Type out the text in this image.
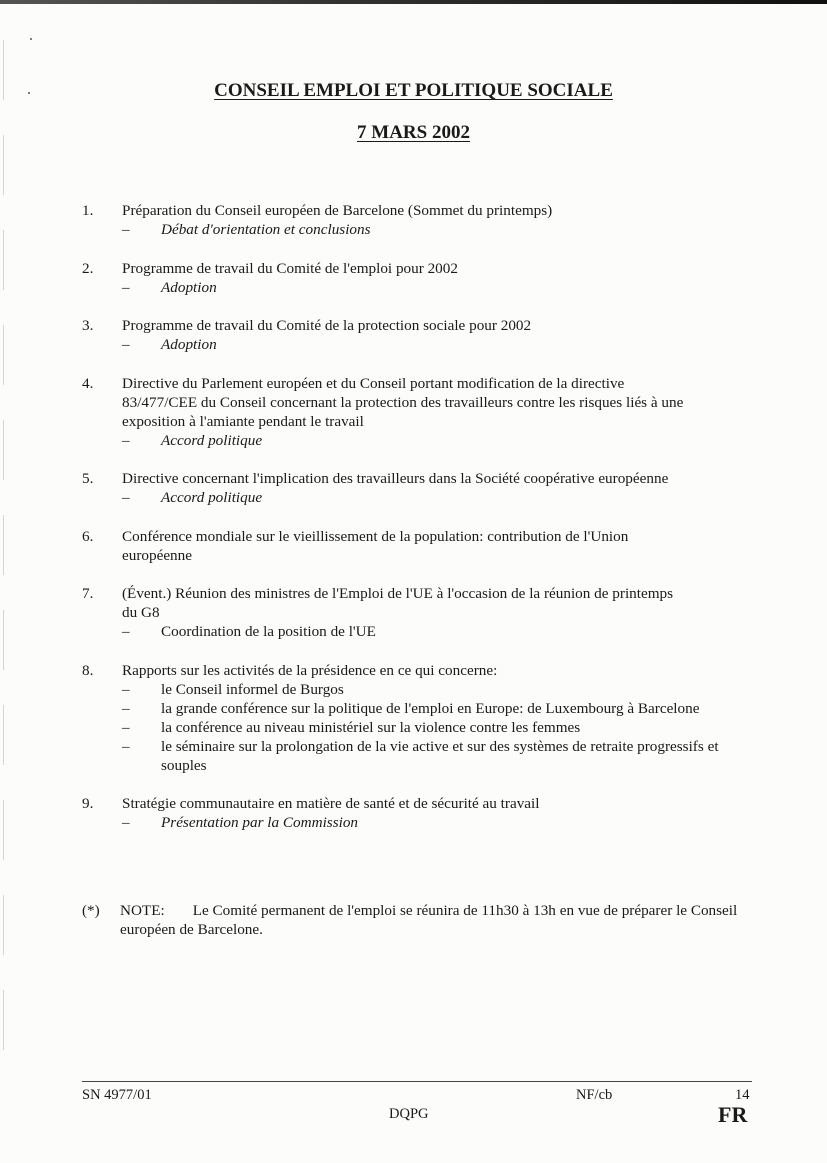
CONSEIL EMPLOI ET POLITIQUE SOCIALE
7 MARS 2002
1. Préparation du Conseil européen de Barcelone (Sommet du printemps)
– Débat d'orientation et conclusions
2. Programme de travail du Comité de l'emploi pour 2002
– Adoption
3. Programme de travail du Comité de la protection sociale pour 2002
– Adoption
4. Directive du Parlement européen et du Conseil portant modification de la directive
83/477/CEE du Conseil concernant la protection des travailleurs contre les risques liés à une
exposition à l'amiante pendant le travail
– Accord politique
5. Directive concernant l'implication des travailleurs dans la Société coopérative européenne
– Accord politique
6. Conférence mondiale sur le vieillissement de la population: contribution de l'Union
européenne
7. (Évent.) Réunion des ministres de l'Emploi de l'UE à l'occasion de la réunion de printemps
du G8
– Coordination de la position de l'UE
8. Rapports sur les activités de la présidence en ce qui concerne:
– le Conseil informel de Burgos
– la grande conférence sur la politique de l'emploi en Europe: de Luxembourg à Barcelone
– la conférence au niveau ministériel sur la violence contre les femmes
– le séminaire sur la prolongation de la vie active et sur des systèmes de retraite progressifs et souples
9. Stratégie communautaire en matière de santé et de sécurité au travail
– Présentation par la Commission
(*) NOTE: Le Comité permanent de l'emploi se réunira de 11h30 à 13h en vue de préparer le Conseil européen de Barcelone.
SN 4977/01	NF/cb	14
DQPG	FR
